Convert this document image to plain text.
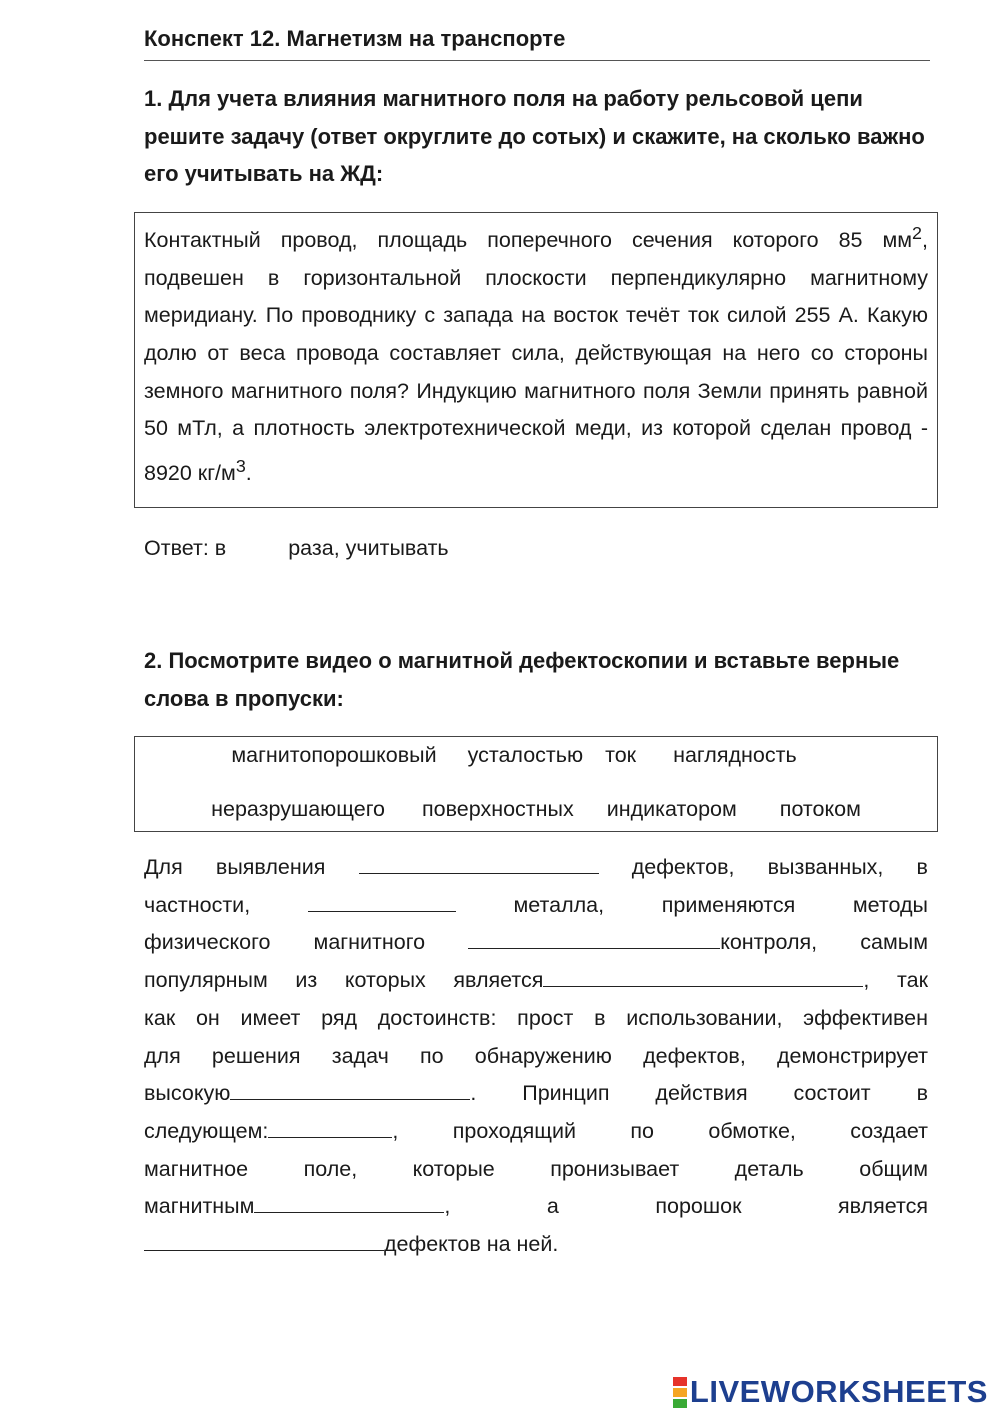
Конспект 12. Магнетизм на транспорте
1. Для учета влияния магнитного поля на работу рельсовой цепи решите задачу (ответ округлите до сотых) и скажите, на сколько важно его учитывать на ЖД:

Контактный провод, площадь поперечного сечения которого 85 $мм^2$, подвешен в горизонтальной плоскости перпендикулярно магнитному меридиану. По проводнику с запада на восток течёт ток силой 255 А. Какую долю от веса провода составляет сила, действующая на него со стороны земного магнитного поля? Индукцию магнитного поля Земли принять равной 50 мТл, а плотность электротехнической меди, из которой сделан провод - 8920 $кг/м^3$.

Ответ: в	раза, учитывать
2. Посмотрите видео о магнитной дефектоскопии и вставьте верные слова в пропуски:
магнитопорошковый усталостью ток наглядность
неразрушающего поверхностных индикатором потоком
Для выявления	дефектов, вызванных, в
частности,	металла, применяются методы
физического магнитного	контроля, самым
популярным из которых является	, так
как он имеет ряд достоинств: прост в использовании, эффективен
для решения задач по обнаружению дефектов, демонстрирует
высокую	. Принцип действия состоит в
следующем:	, проходящий по обмотке, создает
магнитное поле, которые пронизывает деталь общим
магнитным	, а порошок является
дефектов на ней.
LIVEWORKSHEETS
